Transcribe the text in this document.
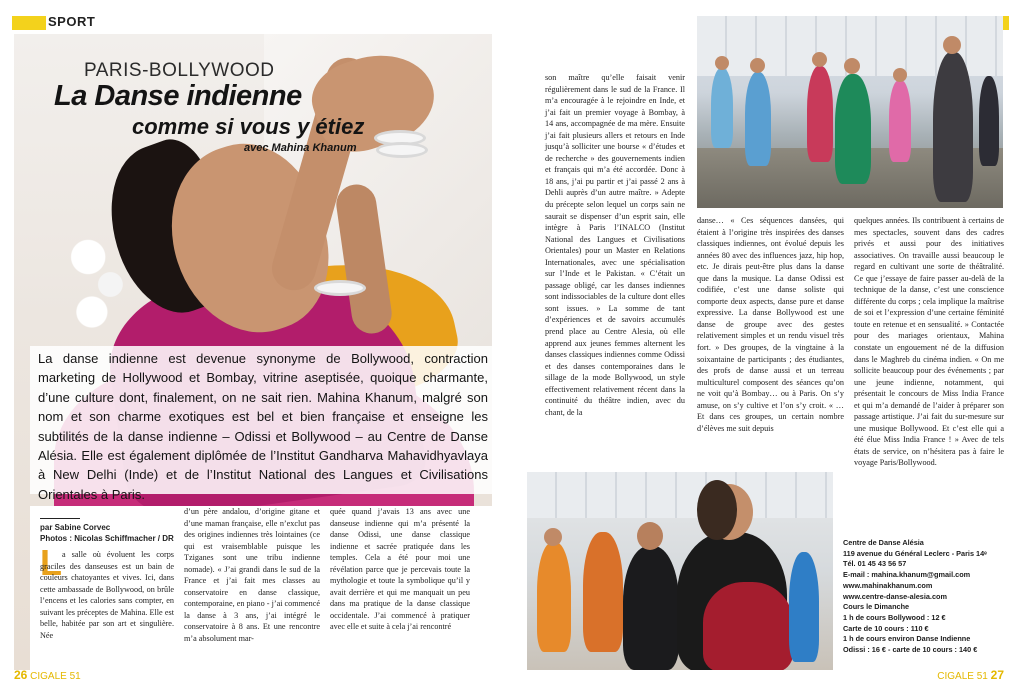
SPORT
PARIS-BOLLYWOOD
La Danse indienne
comme si vous y étiez
avec Mahina Khanum

La danse indienne est devenue synonyme de Bollywood, contraction marketing de Hollywood et Bombay, vitrine aseptisée, quoique charmante, d’une culture dont, finalement, on ne sait rien. Mahina Khanum, malgré son nom et son charme exotiques est bel et bien française et enseigne les subtilités de la danse indienne – Odissi et Bollywood – au Centre de Danse Alésia. Elle est également diplômée de l’Institut Gandharva Mahavidhyavlaya à New Delhi (Inde) et de l’Institut National des Langues et Civilisations Orientales à Paris.

par Sabine Corvec
Photos : Nicolas Schiffmacher / DR
L a salle où évoluent les corps graciles des danseuses est un bain de couleurs chatoyantes et vives. Ici, dans cette ambassade de Bollywood, on brûle l’encens et les calories sans compter, en suivant les préceptes de Mahina. Elle est belle, habitée par son art et singulière. Née

d’un père andalou, d’origine gitane et d’une maman française, elle n’exclut pas des origines indiennes très lointaines (ce qui est vraisemblable puisque les Tziganes sont une tribu indienne nomade). « J’ai grandi dans le sud de la France et j’ai fait mes classes au conservatoire en danse classique, contemporaine, en piano - j’ai commencé la danse à 3 ans, j’ai intégré le conservatoire à 8 ans. Et une rencontre m’a absolument mar-

quée quand j’avais 13 ans avec une danseuse indienne qui m’a présenté la danse Odissi, une danse classique indienne et sacrée pratiquée dans les temples. Cela a été pour moi une révélation parce que je percevais toute la mythologie et toute la symbolique qu’il y avait derrière et qui me manquait un peu dans ma pratique de la danse classique occidentale. J’ai commencé à pratiquer avec elle et suite à cela j’ai rencontré

26 CIGALE 51

son maître qu’elle faisait venir régulièrement dans le sud de la France. Il m’a encouragée à le rejoindre en Inde, et j’ai fait un premier voyage à Bombay, à 14 ans, accompagnée de ma mère. Ensuite j’ai fait plusieurs allers et retours en Inde jusqu’à solliciter une bourse « d’études et de recherche » des gouvernements indien et français qui m’a été accordée. Donc à 18 ans, j’ai pu partir et j’ai passé 2 ans à Dehli auprès d’un autre maître. » Adepte du précepte selon lequel un corps sain ne saurait se dispenser d’un esprit sain, elle intègre à Paris l’INALCO (Institut National des Langues et Civilisations Orientales) pour un Master en Relations Internationales, avec une spécialisation sur l’Inde et le Pakistan. « C’était un passage obligé, car les danses indiennes sont indissociables de la culture dont elles sont issues. » La somme de tant d’expériences et de savoirs accumulés prend place au Centre Alesia, où elle apprend aux jeunes femmes alternent les danses classiques indiennes comme Odissi et des danses contemporaines dans le sillage de la mode Bollywood, un style effectivement relativement récent dans la continuité du théâtre indien, avec du chant, de la

danse… « Ces séquences dansées, qui étaient à l’origine très inspirées des danses classiques indiennes, ont évolué depuis les années 80 avec des influences jazz, hip hop, etc. Je dirais peut-être plus dans la danse que dans la musique. La danse Odissi est codifiée, c’est une danse soliste qui comporte deux aspects, danse pure et danse expressive. La danse Bollywood est une danse de groupe avec des gestes relativement simples et un rendu visuel très fort. » Des groupes, de la vingtaine à la soixantaine de participants ; des étudiantes, des profs de danse aussi et un terreau multiculturel composent des séances qu’on ne voit qu’à Bombay… ou à Paris. On s’y amuse, on s’y cultive et l’on s’y croit. « …Et dans ces groupes, un certain nombre d’élèves me suit depuis

quelques années. Ils contribuent à certains de mes spectacles, souvent dans des cadres privés et aussi pour des initiatives associatives. On travaille aussi beaucoup le regard en cultivant une sorte de théâtralité. Ce que j’essaye de faire passer au-delà de la technique de la danse, c’est une conscience différente du corps ; cela implique la maîtrise de soi et l’expression d’une certaine féminité toute en retenue et en sensualité. » Contactée pour des mariages orientaux, Mahina constate un engouement né de la diffusion dans le Maghreb du cinéma indien. « On me sollicite beaucoup pour des événements ; par une jeune indienne, notamment, qui présentait le concours de Miss India France et qui m’a demandé de l’aider à préparer son passage artistique. J’ai fait du sur-mesure sur une musique Bollywood. Et c’est elle qui a été élue Miss India France ! » Avec de tels états de service, on n’hésitera pas à faire le voyage Paris/Bollywood.

Centre de Danse Alésia
119 avenue du Général Leclerc - Paris 14ᵉ
Tél. 01 45 43 56 57
E-mail : mahina.khanum@gmail.com
www.mahinakhanum.com
www.centre-danse-alesia.com
Cours le Dimanche
1 h de cours Bollywood : 12 €
Carte de 10 cours : 110 €
1 h de cours environ Danse Indienne
Odissi : 16 € - carte de 10 cours : 140 €
CIGALE 51 27
